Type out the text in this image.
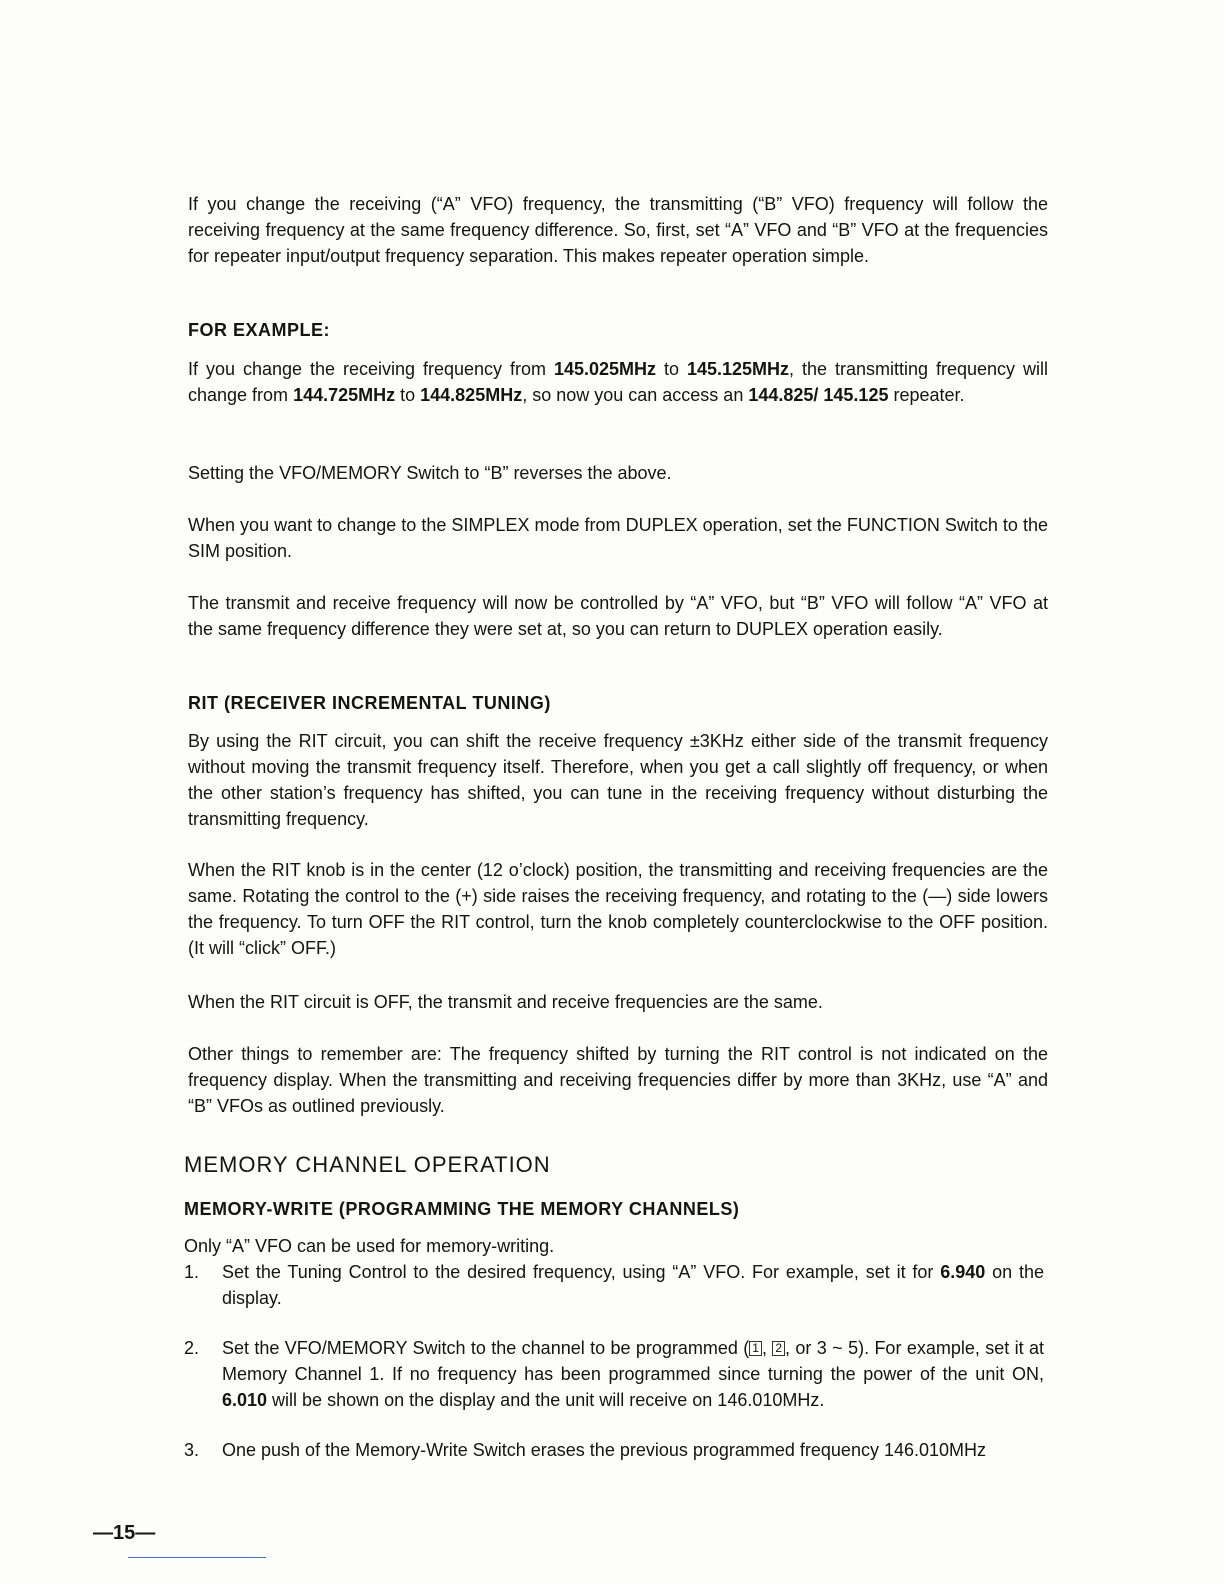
If you change the receiving (“A” VFO) frequency, the transmitting (“B” VFO) frequency will follow the receiving frequency at the same frequency difference. So, first, set “A” VFO and “B” VFO at the frequencies for repeater input/output frequency separation. This makes repeater operation simple.

FOR EXAMPLE:

If you change the receiving frequency from 145.025MHz to 145.125MHz, the transmitting frequency will change from 144.725MHz to 144.825MHz, so now you can access an 144.825/ 145.125 repeater.

Setting the VFO/MEMORY Switch to “B” reverses the above.

When you want to change to the SIMPLEX mode from DUPLEX operation, set the FUNCTION Switch to the SIM position.

The transmit and receive frequency will now be controlled by “A” VFO, but “B” VFO will follow “A” VFO at the same frequency difference they were set at, so you can return to DUPLEX operation easily.

RIT (RECEIVER INCREMENTAL TUNING)

By using the RIT circuit, you can shift the receive frequency ±3KHz either side of the transmit frequency without moving the transmit frequency itself. Therefore, when you get a call slightly off frequency, or when the other station’s frequency has shifted, you can tune in the receiving frequency without disturbing the transmitting frequency.

When the RIT knob is in the center (12 o’clock) position, the transmitting and receiving frequencies are the same. Rotating the control to the (+) side raises the receiving frequency, and rotating to the (—) side lowers the frequency. To turn OFF the RIT control, turn the knob completely counterclockwise to the OFF position. (It will “click” OFF.)

When the RIT circuit is OFF, the transmit and receive frequencies are the same.

Other things to remember are: The frequency shifted by turning the RIT control is not indicated on the frequency display. When the transmitting and receiving frequencies differ by more than 3KHz, use “A” and “B” VFOs as outlined previously.

MEMORY CHANNEL OPERATION
MEMORY-WRITE (PROGRAMMING THE MEMORY CHANNELS)

Only “A” VFO can be used for memory-writing.

1. Set the Tuning Control to the desired frequency, using “A” VFO. For example, set it for 6.940 on the display.

2. Set the VFO/MEMORY Switch to the channel to be programmed ( 1 , 2 , or 3 ~ 5). For example, set it at Memory Channel 1. If no frequency has been programmed since turning the power of the unit ON, 6.010 will be shown on the display and the unit will receive on 146.010MHz.

3. One push of the Memory-Write Switch erases the previous programmed frequency 146.010MHz

—15—
